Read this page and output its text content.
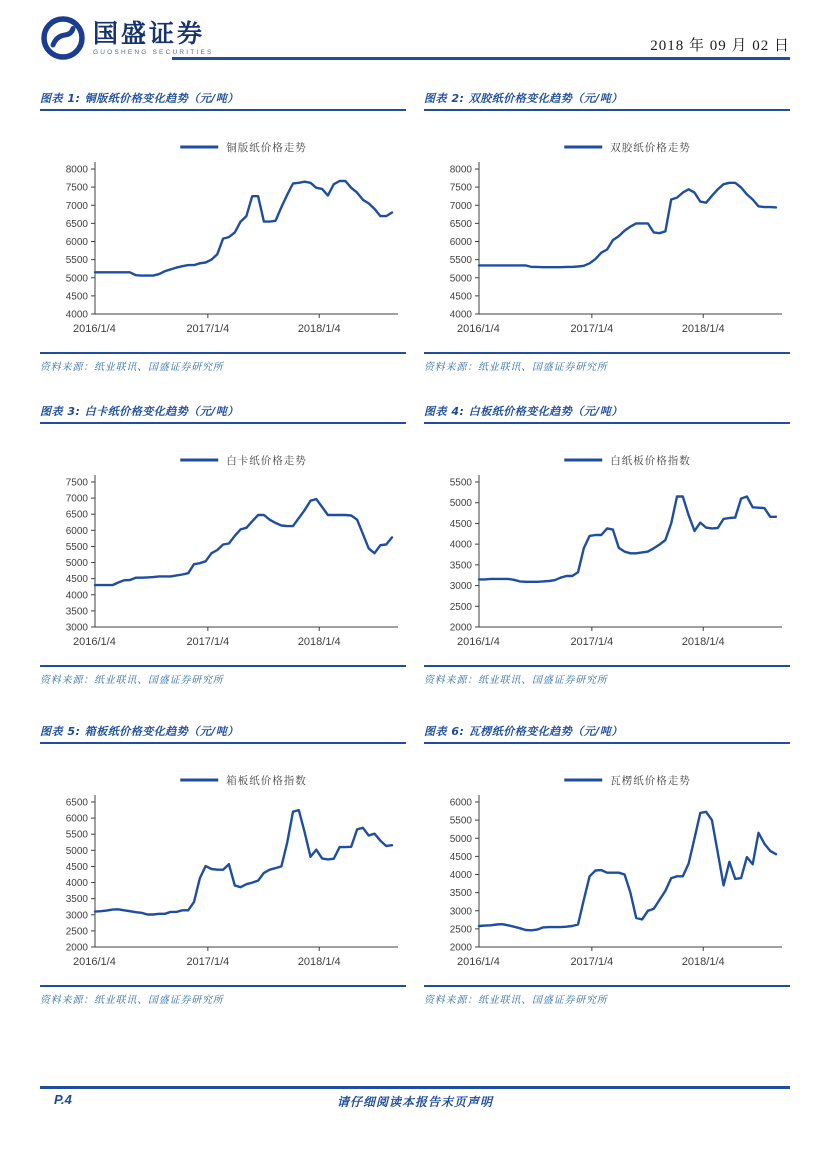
国盛证券
GUOSHENG SECURITIES	2018 年 09 月 02 日
图表 1: 铜版纸价格变化趋势（元/吨）
铜版纸价格走势
8000
7500
7000
6500
6000
5500
5000
4500
4000
2016/1/4	2017/1/4	2018/1/4
资料来源：纸业联讯、国盛证券研究所
图表 2: 双胶纸价格变化趋势（元/吨）
双胶纸价格走势
8000
7500
7000
6500
6000
5500
5000
4500
4000
2016/1/4	2017/1/4	2018/1/4
资料来源：纸业联讯、国盛证券研究所
图表 3: 白卡纸价格变化趋势（元/吨）
白卡纸价格走势
7500
7000
6500
6000
5500
5000
4500
4000
3500
3000
2016/1/4	2017/1/4	2018/1/4
资料来源：纸业联讯、国盛证券研究所
图表 4: 白板纸价格变化趋势（元/吨）
白纸板价格指数
5500
5000
4500
4000
3500
3000
2500
2000
2016/1/4	2017/1/4	2018/1/4
资料来源：纸业联讯、国盛证券研究所
图表 5: 箱板纸价格变化趋势（元/吨）
箱板纸价格指数
6500
6000
5500
5000
4500
4000
3500
3000
2500
2000
2016/1/4	2017/1/4	2018/1/4
资料来源：纸业联讯、国盛证券研究所
图表 6: 瓦楞纸价格变化趋势（元/吨）
瓦楞纸价格走势
6000
5500
5000
4500
4000
3500
3000
2500
2000
2016/1/4	2017/1/4	2018/1/4
资料来源：纸业联讯、国盛证券研究所
P.4	请仔细阅读本报告末页声明
